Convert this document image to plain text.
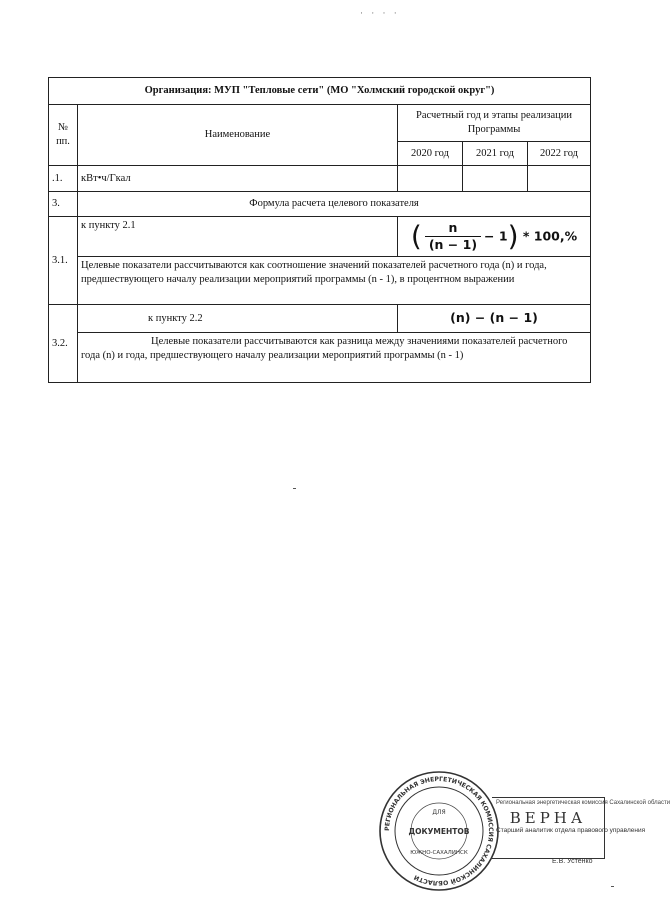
· · · ·
Организация: МУП "Тепловые сети" (МО "Холмский городской округ")				
№ пп.	Наименование	Расчетный год и этапы реализации Программы		
		2020 год	2021 год	2022 год
.1.	кВт•ч/Гкал			
3.	Формула расчета целевого показателя			
3.1.	к пункту 2.1	( $\frac{n}{(n - 1)} - 1) * 100,\%$		
	Целевые показатели рассчитываются как соотношение значений показателей расчетного года (n) и года, предшествующего началу реализации мероприятий программы (n - 1), в процентном выражении			
3.2.	к пункту 2.2	(n) − (n − 1)		
	Целевые показатели рассчитываются как разница между значениями показателей расчетного года (n) и года, предшествующего началу реализации мероприятий программы (n - 1)			
РЕГИОНАЛЬНАЯ ЭНЕРГЕТИЧЕСКАЯ КОМИССИЯ САХАЛИНСКОЙ ОБЛАСТИ
ДЛЯ
ДОКУМЕНТОВ
ЮЖНО-САХАЛИНСК
Региональная энергетическая комиссия Сахалинской области
ВЕРНА
Старший аналитик отдела правового управления
Е.В. Устенко
